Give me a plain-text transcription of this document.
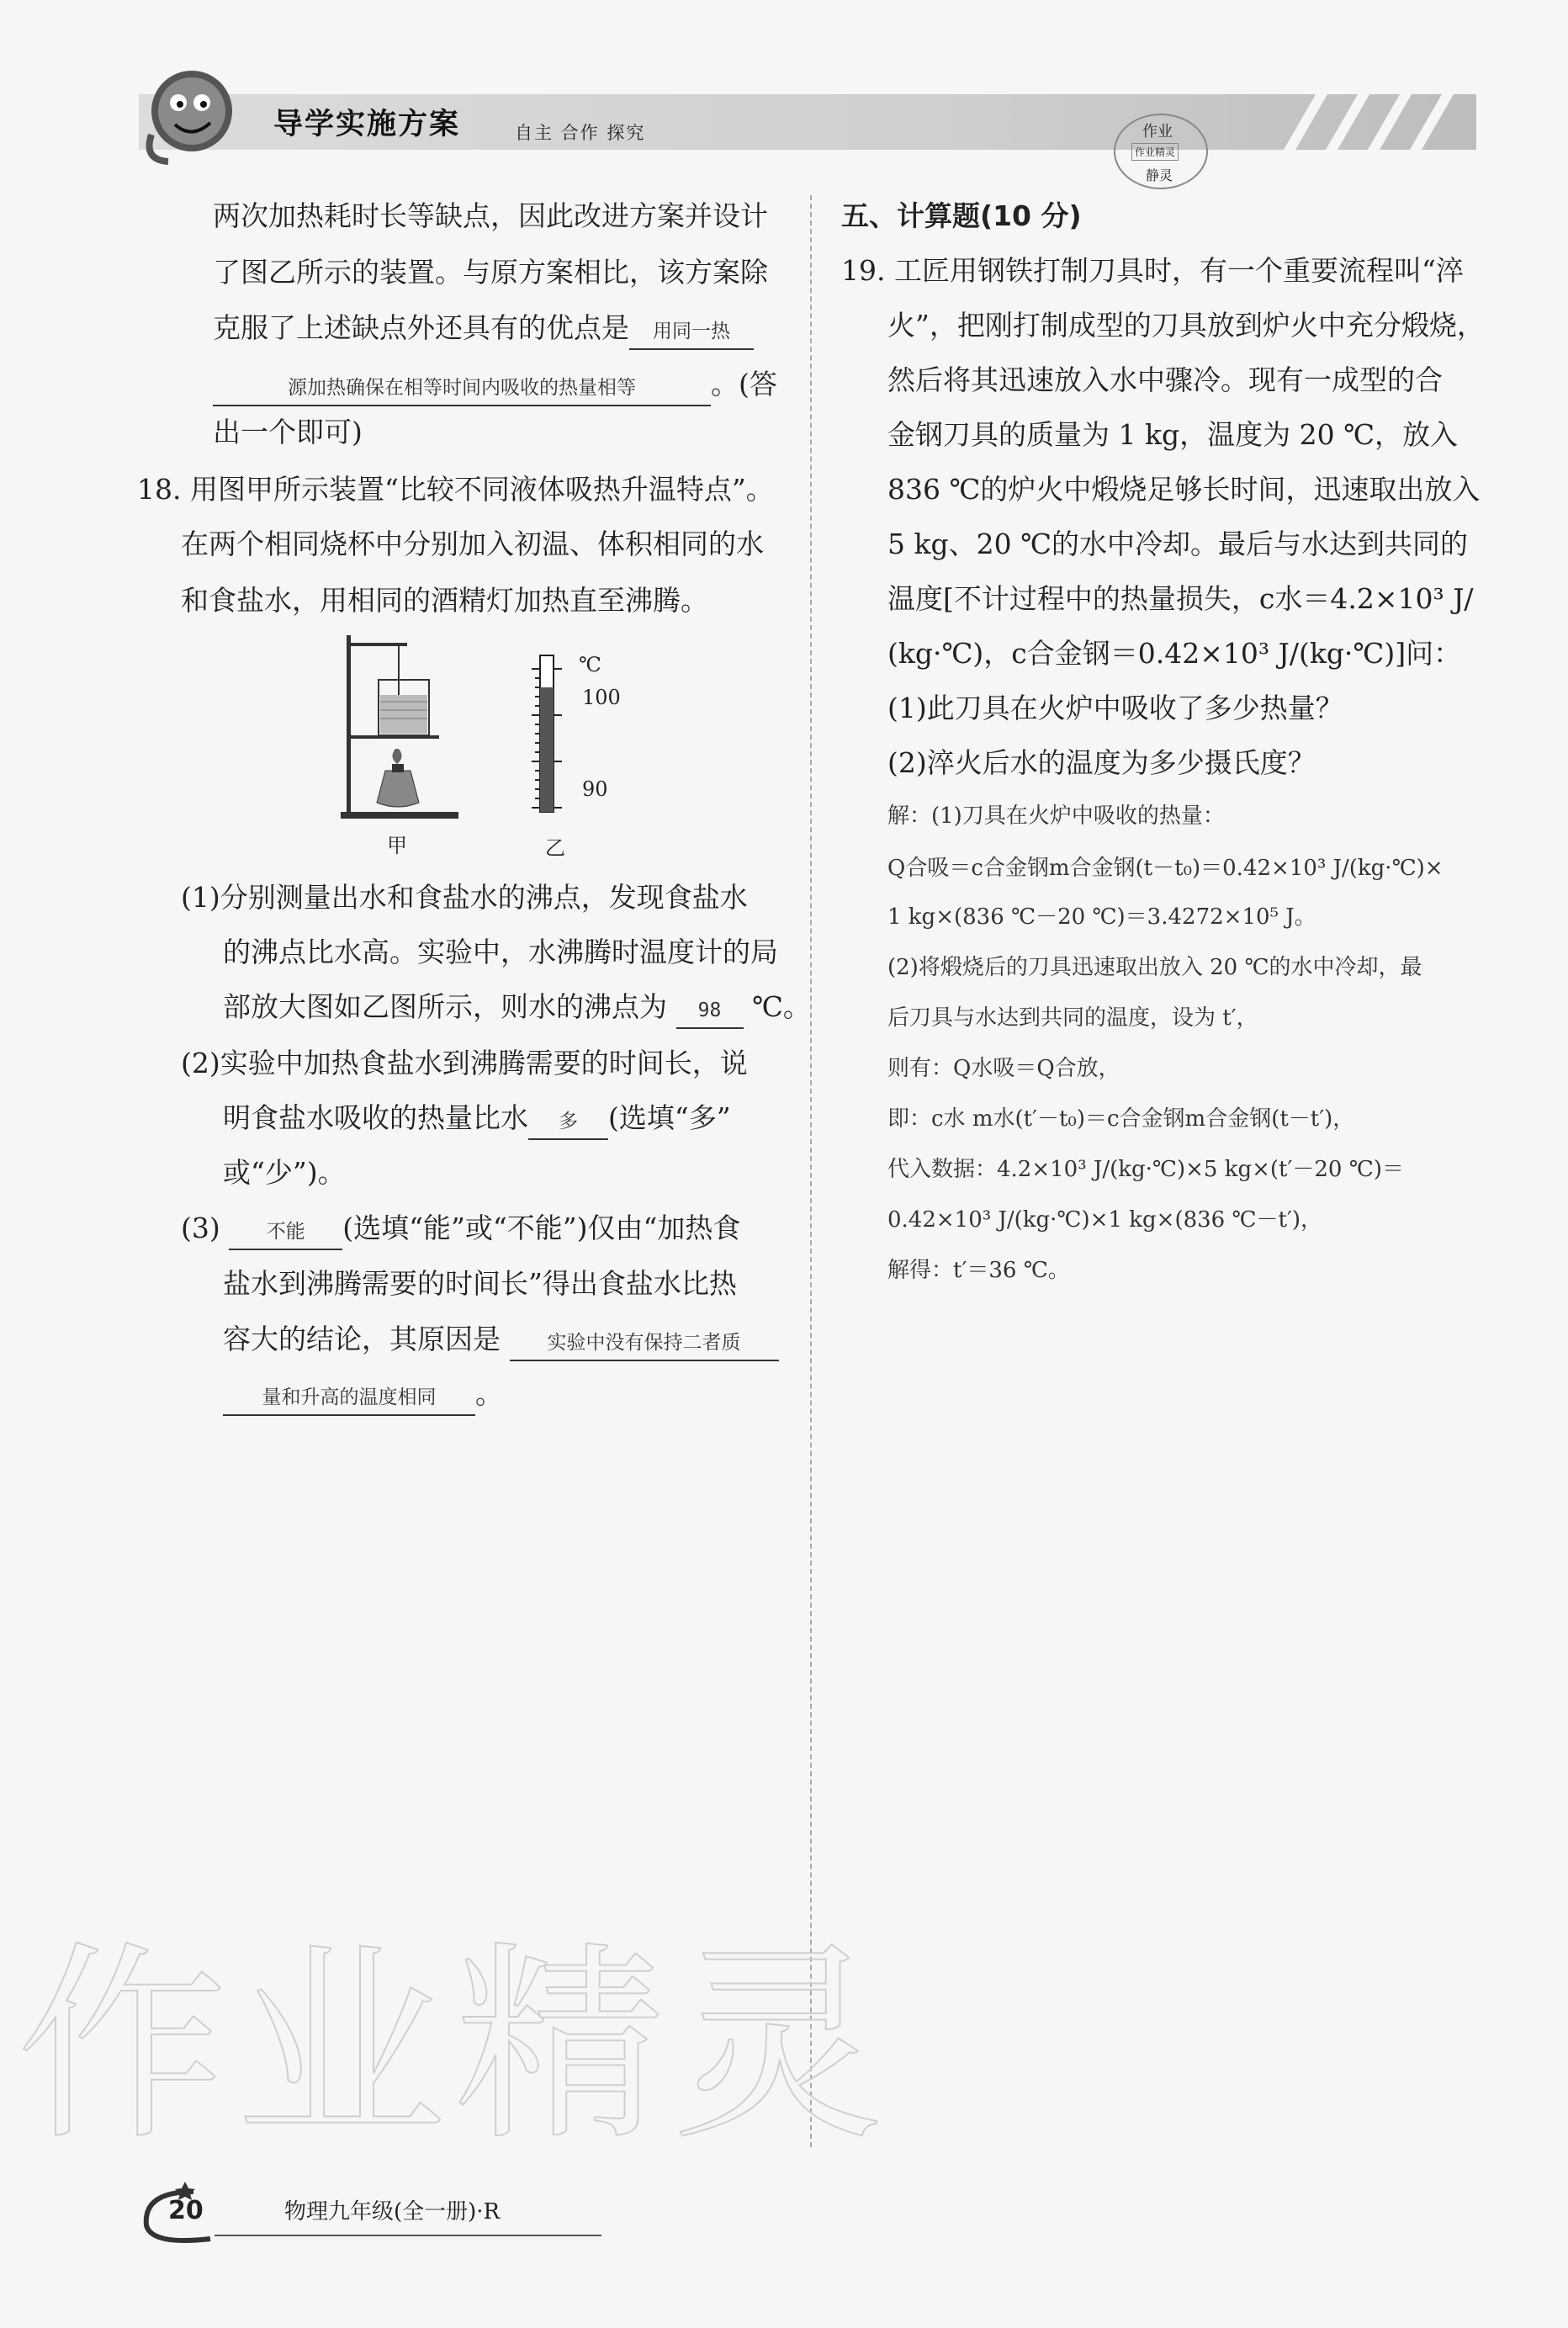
导学实施方案	自主 合作 探究	作业
作业精灵
静灵
两次加热耗时长等缺点，因此改进方案并设计
了图乙所示的装置。与原方案相比，该方案除
克服了上述缺点外还具有的优点是 用同一热
源加热确保在相等时间内吸收的热量相等	。(答
出一个即可)
18. 用图甲所示装置“比较不同液体吸热升温特点”。
在两个相同烧杯中分别加入初温、体积相同的水
和食盐水，用相同的酒精灯加热直至沸腾。
℃
100
90
甲	乙
(1)分别测量出水和食盐水的沸点，发现食盐水
的沸点比水高。实验中，水沸腾时温度计的局
部放大图如乙图所示，则水的沸点为 98 ℃。
(2)实验中加热食盐水到沸腾需要的时间长，说
明食盐水吸收的热量比水 多 (选填“多”
或“少”)。
(3) 不能 (选填“能”或“不能”)仅由“加热食
盐水到沸腾需要的时间长”得出食盐水比热
容大的结论，其原因是 实验中没有保持二者质
量和升高的温度相同 。
五、计算题(10 分)
19. 工匠用钢铁打制刀具时，有一个重要流程叫“淬
火”，把刚打制成型的刀具放到炉火中充分煅烧，
然后将其迅速放入水中骤冷。现有一成型的合
金钢刀具的质量为 1 kg，温度为 20 ℃，放入
836 ℃的炉火中煅烧足够长时间，迅速取出放入
5 kg、20 ℃的水中冷却。最后与水达到共同的
温度[不计过程中的热量损失，c水＝4.2×10³ J/
(kg·℃)，c合金钢＝0.42×10³ J/(kg·℃)]问：
(1)此刀具在火炉中吸收了多少热量？
(2)淬火后水的温度为多少摄氏度？
解：(1)刀具在火炉中吸收的热量：
Q合吸＝c合金钢m合金钢(t－t₀)＝0.42×10³ J/(kg·℃)×
1 kg×(836 ℃－20 ℃)＝3.4272×10⁵ J。
(2)将煅烧后的刀具迅速取出放入 20 ℃的水中冷却，最
后刀具与水达到共同的温度，设为 t′，
则有：Q水吸＝Q合放，
即：c水 m水(t′－t₀)＝c合金钢m合金钢(t－t′)，
代入数据：4.2×10³ J/(kg·℃)×5 kg×(t′－20 ℃)＝
0.42×10³ J/(kg·℃)×1 kg×(836 ℃－t′)，
解得：t′＝36 ℃。
作业精灵
20	物理九年级(全一册)·R
